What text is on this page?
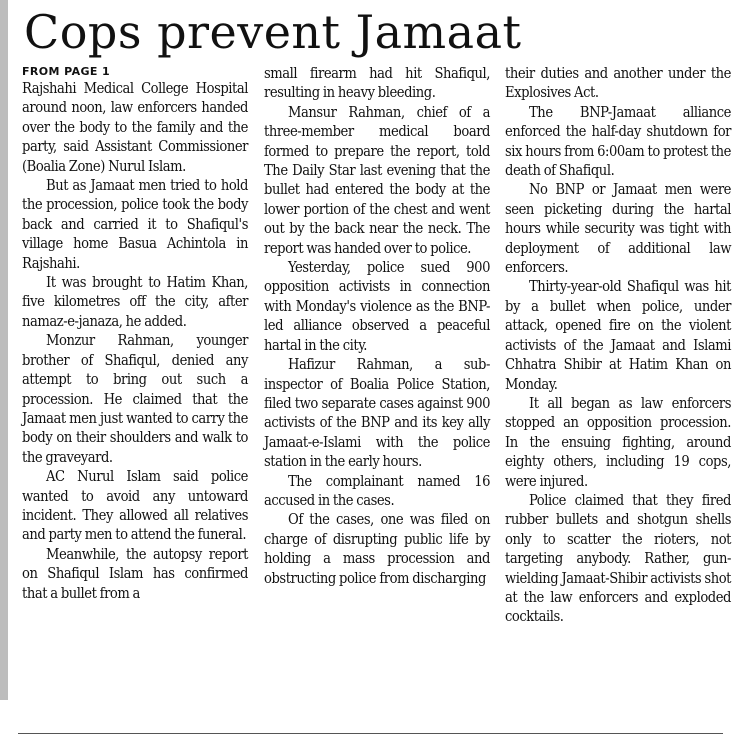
Cops prevent Jamaat
FROM PAGE 1

Rajshahi Medical College Hospital around noon, law enforcers handed over the body to the family and the party, said Assistant Commissioner (Boalia Zone) Nurul Islam.

But as Jamaat men tried to hold the procession, police took the body back and carried it to Shafiqul's village home Basua Achintola in Rajshahi.

It was brought to Hatim Khan, five kilometres off the city, after namaz-e-janaza, he added.

Monzur Rahman, younger brother of Shafiqul, denied any attempt to bring out such a procession. He claimed that the Jamaat men just wanted to carry the body on their shoulders and walk to the graveyard.

AC Nurul Islam said police wanted to avoid any untoward incident. They allowed all relatives and party men to attend the funeral.

Meanwhile, the autopsy report on Shafiqul Islam has confirmed that a bullet from a

small firearm had hit Shafiqul, resulting in heavy bleeding.

Mansur Rahman, chief of a three-member medical board formed to prepare the report, told The Daily Star last evening that the bullet had entered the body at the lower portion of the chest and went out by the back near the neck. The report was handed over to police.

Yesterday, police sued 900 opposition activists in connection with Monday's violence as the BNP-led alliance observed a peaceful hartal in the city.

Hafizur Rahman, a sub-inspector of Boalia Police Station, filed two separate cases against 900 activists of the BNP and its key ally Jamaat-e-Islami with the police station in the early hours.

The complainant named 16 accused in the cases.

Of the cases, one was filed on charge of disrupting public life by holding a mass procession and obstructing police from discharging

their duties and another under the Explosives Act.

The BNP-Jamaat alliance enforced the half-day shutdown for six hours from 6:00am to protest the death of Shafiqul.

No BNP or Jamaat men were seen picketing during the hartal hours while security was tight with deployment of additional law enforcers.

Thirty-year-old Shafiqul was hit by a bullet when police, under attack, opened fire on the violent activists of the Jamaat and Islami Chhatra Shibir at Hatim Khan on Monday.

It all began as law enforcers stopped an opposition procession. In the ensuing fighting, around eighty others, including 19 cops, were injured.

Police claimed that they fired rubber bullets and shotgun shells only to scatter the rioters, not targeting anybody. Rather, gun-wielding Jamaat-Shibir activists shot at the law enforcers and exploded cocktails.
